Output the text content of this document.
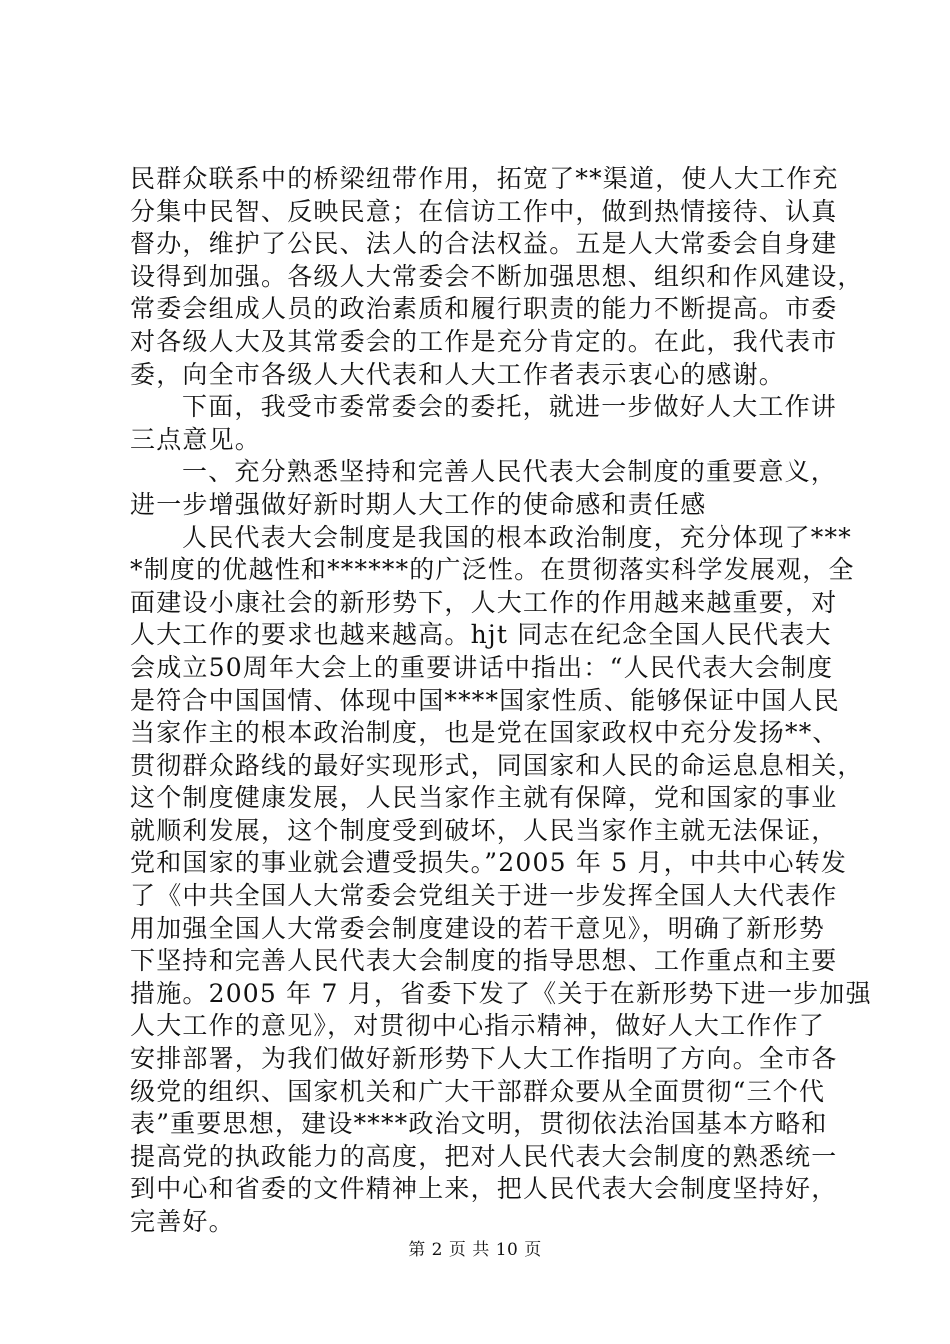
民群众联系中的桥梁纽带作用，拓宽了**渠道，使人大工作充
分集中民智、反映民意；在信访工作中，做到热情接待、认真
督办，维护了公民、法人的合法权益。五是人大常委会自身建
设得到加强。各级人大常委会不断加强思想、组织和作风建设，
常委会组成人员的政治素质和履行职责的能力不断提高。市委
对各级人大及其常委会的工作是充分肯定的。在此，我代表市
委，向全市各级人大代表和人大工作者表示衷心的感谢。
下面，我受市委常委会的委托，就进一步做好人大工作讲
三点意见。
一、充分熟悉坚持和完善人民代表大会制度的重要意义，
进一步增强做好新时期人大工作的使命感和责任感
人民代表大会制度是我国的根本政治制度，充分体现了***
*制度的优越性和******的广泛性。在贯彻落实科学发展观，全
面建设小康社会的新形势下，人大工作的作用越来越重要，对
人大工作的要求也越来越高。hjt 同志在纪念全国人民代表大
会成立50周年大会上的重要讲话中指出：“人民代表大会制度
是符合中国国情、体现中国****国家性质、能够保证中国人民
当家作主的根本政治制度，也是党在国家政权中充分发扬**、
贯彻群众路线的最好实现形式，同国家和人民的命运息息相关，
这个制度健康发展，人民当家作主就有保障，党和国家的事业
就顺利发展，这个制度受到破坏，人民当家作主就无法保证，
党和国家的事业就会遭受损失。”2005 年 5 月，中共中心转发
了《中共全国人大常委会党组关于进一步发挥全国人大代表作
用加强全国人大常委会制度建设的若干意见》，明确了新形势
下坚持和完善人民代表大会制度的指导思想、工作重点和主要
措施。2005 年 7 月，省委下发了《关于在新形势下进一步加强
人大工作的意见》，对贯彻中心指示精神，做好人大工作作了
安排部署，为我们做好新形势下人大工作指明了方向。全市各
级党的组织、国家机关和广大干部群众要从全面贯彻“三个代
表”重要思想，建设****政治文明，贯彻依法治国基本方略和
提高党的执政能力的高度，把对人民代表大会制度的熟悉统一
到中心和省委的文件精神上来，把人民代表大会制度坚持好，
完善好。
第 2 页 共 10 页
